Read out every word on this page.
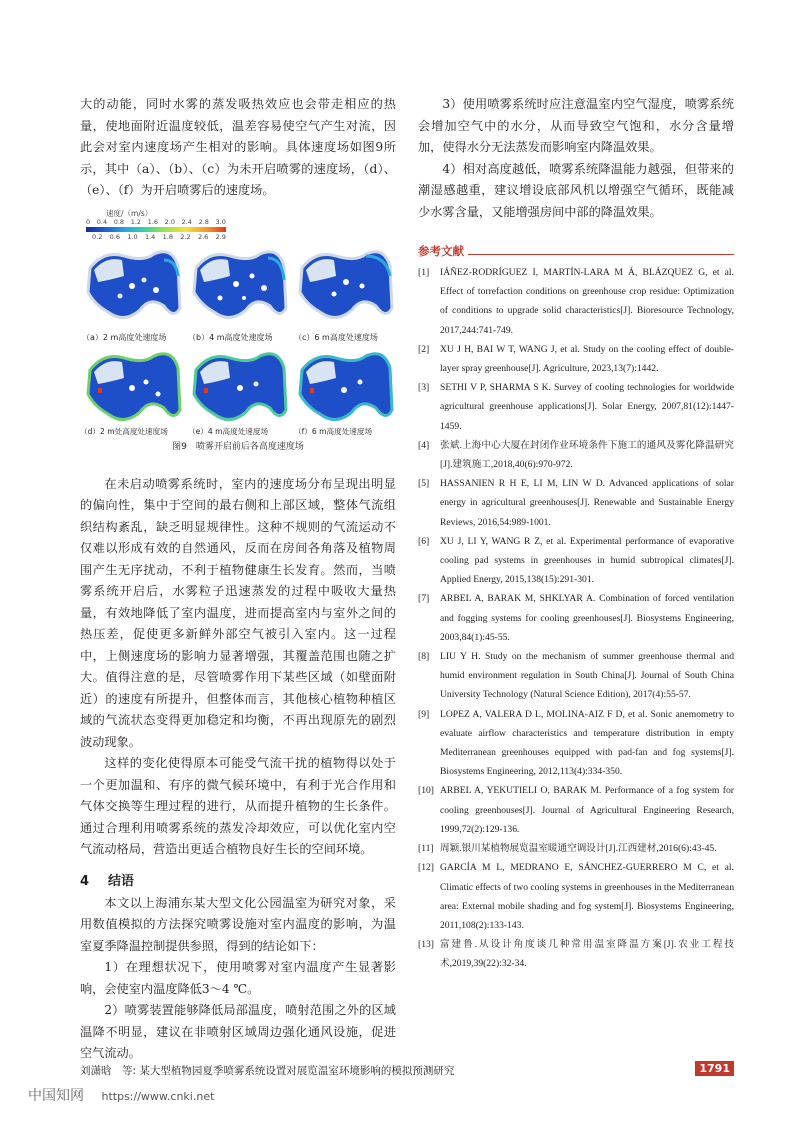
大的动能，同时水雾的蒸发吸热效应也会带走相应的热量，使地面附近温度较低，温差容易使空气产生对流，因此会对室内速度场产生相对的影响。具体速度场如图9所示，其中（a）、（b）、（c）为未开启喷雾的速度场，（d）、（e）、（f）为开启喷雾后的速度场。

速度/（m/s）
0 0.4 0.8 1.2 1.6 2.0 2.4 2.8 3.0
0.2 0.6 1.0 1.4 1.8 2.2 2.6 2.9
（a）2 m高度处速度场	（b）4 m高度处速度场	（c）6 m高度处速度场
（d）2 m处高度处速度场	（e）4 m高度处速度场	（f）6 m高度处速度场
图9　喷雾开启前后各高度速度场

在未启动喷雾系统时，室内的速度场分布呈现出明显的偏向性，集中于空间的最右侧和上部区域，整体气流组织结构紊乱，缺乏明显规律性。这种不规则的气流运动不仅难以形成有效的自然通风，反而在房间各角落及植物周围产生无序扰动，不利于植物健康生长发育。然而，当喷雾系统开启后，水雾粒子迅速蒸发的过程中吸收大量热量，有效地降低了室内温度，进而提高室内与室外之间的热压差，促使更多新鲜外部空气被引入室内。这一过程中，上侧速度场的影响力显著增强，其覆盖范围也随之扩大。值得注意的是，尽管喷雾作用下某些区域（如壁面附近）的速度有所提升，但整体而言，其他核心植物种植区域的气流状态变得更加稳定和均衡，不再出现原先的剧烈波动现象。

这样的变化使得原本可能受气流干扰的植物得以处于一个更加温和、有序的微气候环境中，有利于光合作用和气体交换等生理过程的进行，从而提升植物的生长条件。通过合理利用喷雾系统的蒸发冷却效应，可以优化室内空气流动格局，营造出更适合植物良好生长的空间环境。

4 结语

本文以上海浦东某大型文化公园温室为研究对象，采用数值模拟的方法探究喷雾设施对室内温度的影响，为温室夏季降温控制提供参照，得到的结论如下：

1）在理想状况下，使用喷雾对室内温度产生显著影响，会使室内温度降低3～4 ℃。

2）喷雾装置能够降低局部温度，喷射范围之外的区域温降不明显，建议在非喷射区域周边强化通风设施，促进空气流动。

3）使用喷雾系统时应注意温室内空气湿度，喷雾系统会增加空气中的水分，从而导致空气饱和，水分含量增加，使得水分无法蒸发而影响室内降温效果。

4）相对高度越低，喷雾系统降温能力越强，但带来的潮湿感越重，建议增设底部风机以增强空气循环，既能减少水雾含量，又能增强房间中部的降温效果。

参考文献
[1]	IÁÑEZ-RODRÍGUEZ I, MARTÍN-LARA M Á, BLÁZQUEZ G, et al. Effect of torrefaction conditions on greenhouse crop residue: Optimization of conditions to upgrade solid characteristics[J]. Bioresource Technology, 2017,244:741-749.
[2]	XU J H, BAI W T, WANG J, et al. Study on the cooling effect of double-layer spray greenhouse[J]. Agriculture, 2023,13(7):1442.
[3]	SETHI V P, SHARMA S K. Survey of cooling technologies for worldwide agricultural greenhouse applications[J]. Solar Energy, 2007,81(12):1447-1459.
[4]	张斌.上海中心大厦在封闭作业环境条件下施工的通风及雾化降温研究[J].建筑施工,2018,40(6):970-972.
[5]	HASSANIEN R H E, LI M, LIN W D. Advanced applications of solar energy in agricultural greenhouses[J]. Renewable and Sustainable Energy Reviews, 2016,54:989-1001.
[6]	XU J, LI Y, WANG R Z, et al. Experimental performance of evaporative cooling pad systems in greenhouses in humid subtropical climates[J]. Applied Energy, 2015,138(15):291-301.
[7]	ARBEL A, BARAK M, SHKLYAR A. Combination of forced ventilation and fogging systems for cooling greenhouses[J]. Biosystems Engineering, 2003,84(1):45-55.
[8]	LIU Y H. Study on the mechanism of summer greenhouse thermal and humid environment regulation in South China[J]. Journal of South China University Technology (Natural Science Edition), 2017(4):55-57.
[9]	LOPEZ A, VALERA D L, MOLINA-AIZ F D, et al. Sonic anemometry to evaluate airflow characteristics and temperature distribution in empty Mediterranean greenhouses equipped with pad-fan and fog systems[J]. Biosystems Engineering, 2012,113(4):334-350.
[10] ARBEL A, YEKUTIELI O, BARAK M. Performance of a fog system for cooling greenhouses[J]. Journal of Agricultural Engineering Research, 1999,72(2):129-136.
[11] 周颖.银川某植物展览温室暖通空调设计[J].江西建材,2016(6):43-45.
[12] GARCÍA M L, MEDRANO E, SÁNCHEZ-GUERRERO M C, et al. Climatic effects of two cooling systems in greenhouses in the Mediterranean area: External mobile shading and fog system[J]. Biosystems Engineering, 2011,108(2):133-143.
[13] 富建鲁.从设计角度谈几种常用温室降温方案[J].农业工程技术,2019,39(22):32-34.
刘潇晗　等: 某大型植物园夏季喷雾系统设置对展览温室环境影响的模拟预测研究	1791
中国知网 https://www.cnki.net
